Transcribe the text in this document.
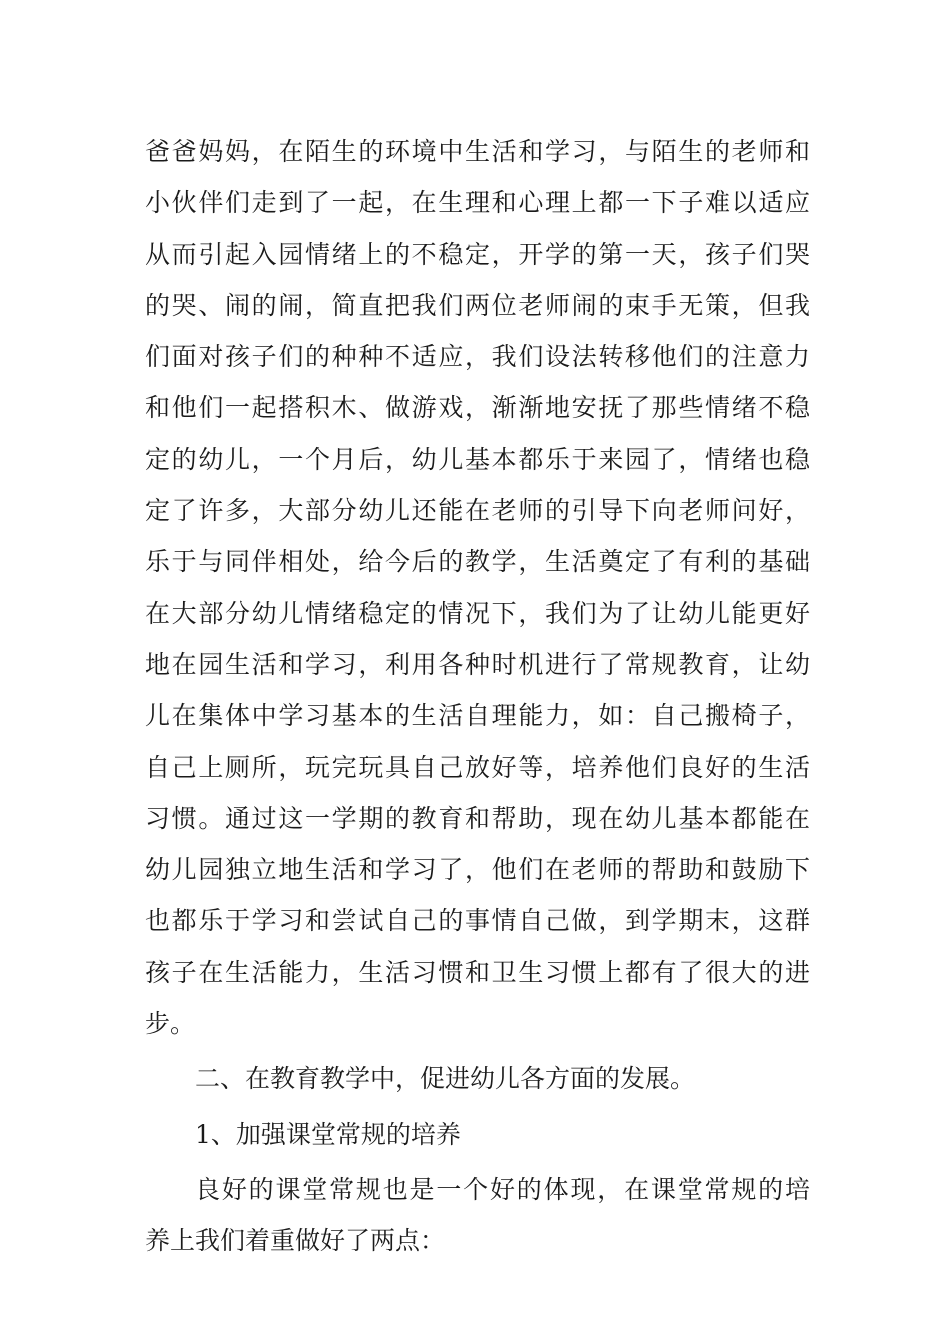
爸爸妈妈，在陌生的环境中生活和学习，与陌生的老师和
小伙伴们走到了一起，在生理和心理上都一下子难以适应
从而引起入园情绪上的不稳定，开学的第一天，孩子们哭
的哭、闹的闹，简直把我们两位老师闹的束手无策，但我
们面对孩子们的种种不适应，我们设法转移他们的注意力
和他们一起搭积木、做游戏，渐渐地安抚了那些情绪不稳
定的幼儿，一个月后，幼儿基本都乐于来园了，情绪也稳
定了许多，大部分幼儿还能在老师的引导下向老师问好，
乐于与同伴相处，给今后的教学，生活奠定了有利的基础
在大部分幼儿情绪稳定的情况下，我们为了让幼儿能更好
地在园生活和学习，利用各种时机进行了常规教育，让幼
儿在集体中学习基本的生活自理能力，如：自己搬椅子，
自己上厕所，玩完玩具自己放好等，培养他们良好的生活
习惯。通过这一学期的教育和帮助，现在幼儿基本都能在
幼儿园独立地生活和学习了，他们在老师的帮助和鼓励下
也都乐于学习和尝试自己的事情自己做，到学期末，这群
孩子在生活能力，生活习惯和卫生习惯上都有了很大的进
步。
二、在教育教学中，促进幼儿各方面的发展。
1、加强课堂常规的培养
良好的课堂常规也是一个好的体现，在课堂常规的培
养上我们着重做好了两点：
